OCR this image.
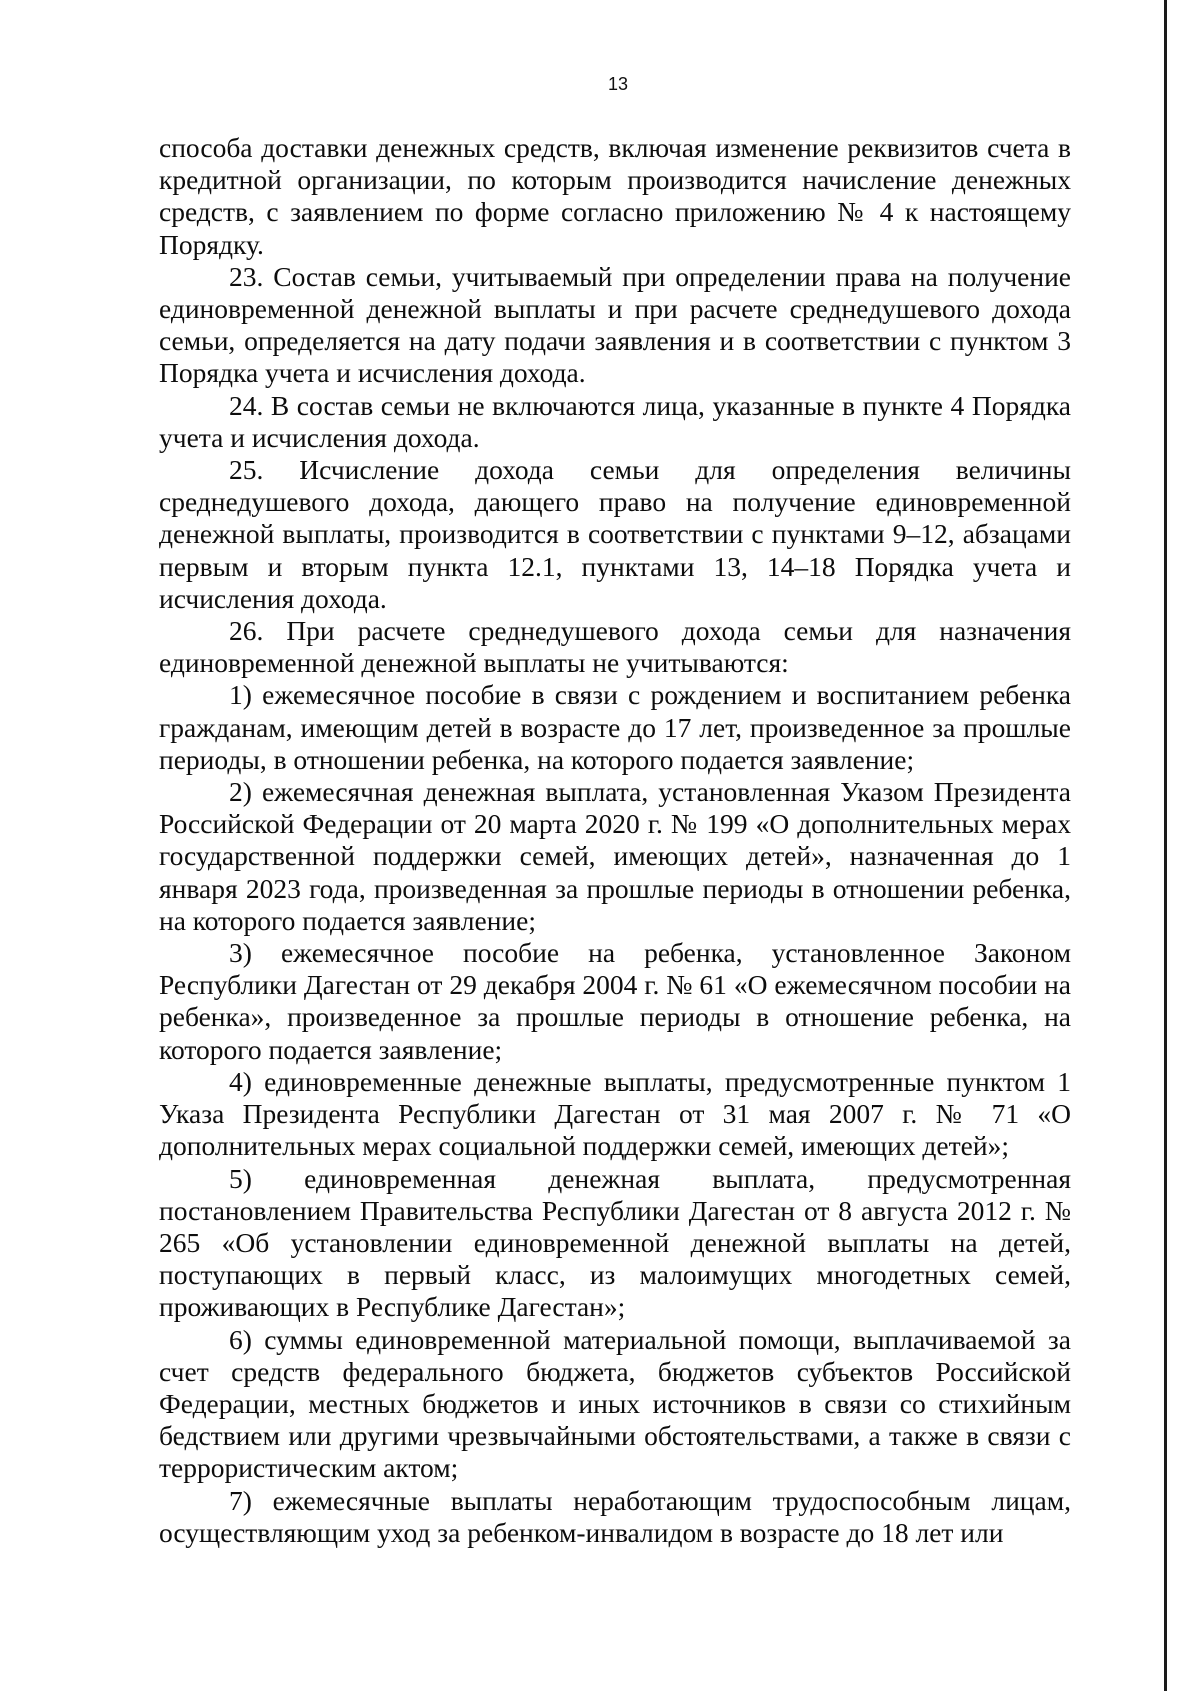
13

способа доставки денежных средств, включая изменение реквизитов счета в кредитной организации, по которым производится начисление денежных средств, с заявлением по форме согласно приложению № 4 к настоящему Порядку.

23. Состав семьи, учитываемый при определении права на получение единовременной денежной выплаты и при расчете среднедушевого дохода семьи, определяется на дату подачи заявления и в соответствии с пунктом 3 Порядка учета и исчисления дохода.

24. В состав семьи не включаются лица, указанные в пункте 4 Порядка учета и исчисления дохода.

25. Исчисление дохода семьи для определения величины среднедушевого дохода, дающего право на получение единовременной денежной выплаты, производится в соответствии с пунктами 9–12, абзацами первым и вторым пункта 12.1, пунктами 13, 14–18 Порядка учета и исчисления дохода.

26. При расчете среднедушевого дохода семьи для назначения единовременной денежной выплаты не учитываются:

1) ежемесячное пособие в связи с рождением и воспитанием ребенка гражданам, имеющим детей в возрасте до 17 лет, произведенное за прошлые периоды, в отношении ребенка, на которого подается заявление;

2) ежемесячная денежная выплата, установленная Указом Президента Российской Федерации от 20 марта 2020 г. № 199 «О дополнительных мерах государственной поддержки семей, имеющих детей», назначенная до 1 января 2023 года, произведенная за прошлые периоды в отношении ребенка, на которого подается заявление;

3) ежемесячное пособие на ребенка, установленное Законом Республики Дагестан от 29 декабря 2004 г. № 61 «О ежемесячном пособии на ребенка», произведенное за прошлые периоды в отношение ребенка, на которого подается заявление;

4) единовременные денежные выплаты, предусмотренные пунктом 1 Указа Президента Республики Дагестан от 31 мая 2007 г. № 71 «О дополнительных мерах социальной поддержки семей, имеющих детей»;

5) единовременная денежная выплата, предусмотренная постановлением Правительства Республики Дагестан от 8 августа 2012 г. № 265 «Об установлении единовременной денежной выплаты на детей, поступающих в первый класс, из малоимущих многодетных семей, проживающих в Республике Дагестан»;

6) суммы единовременной материальной помощи, выплачиваемой за счет средств федерального бюджета, бюджетов субъектов Российской Федерации, местных бюджетов и иных источников в связи со стихийным бедствием или другими чрезвычайными обстоятельствами, а также в связи с террористическим актом;

7) ежемесячные выплаты неработающим трудоспособным лицам, осуществляющим уход за ребенком-инвалидом в возрасте до 18 лет или
